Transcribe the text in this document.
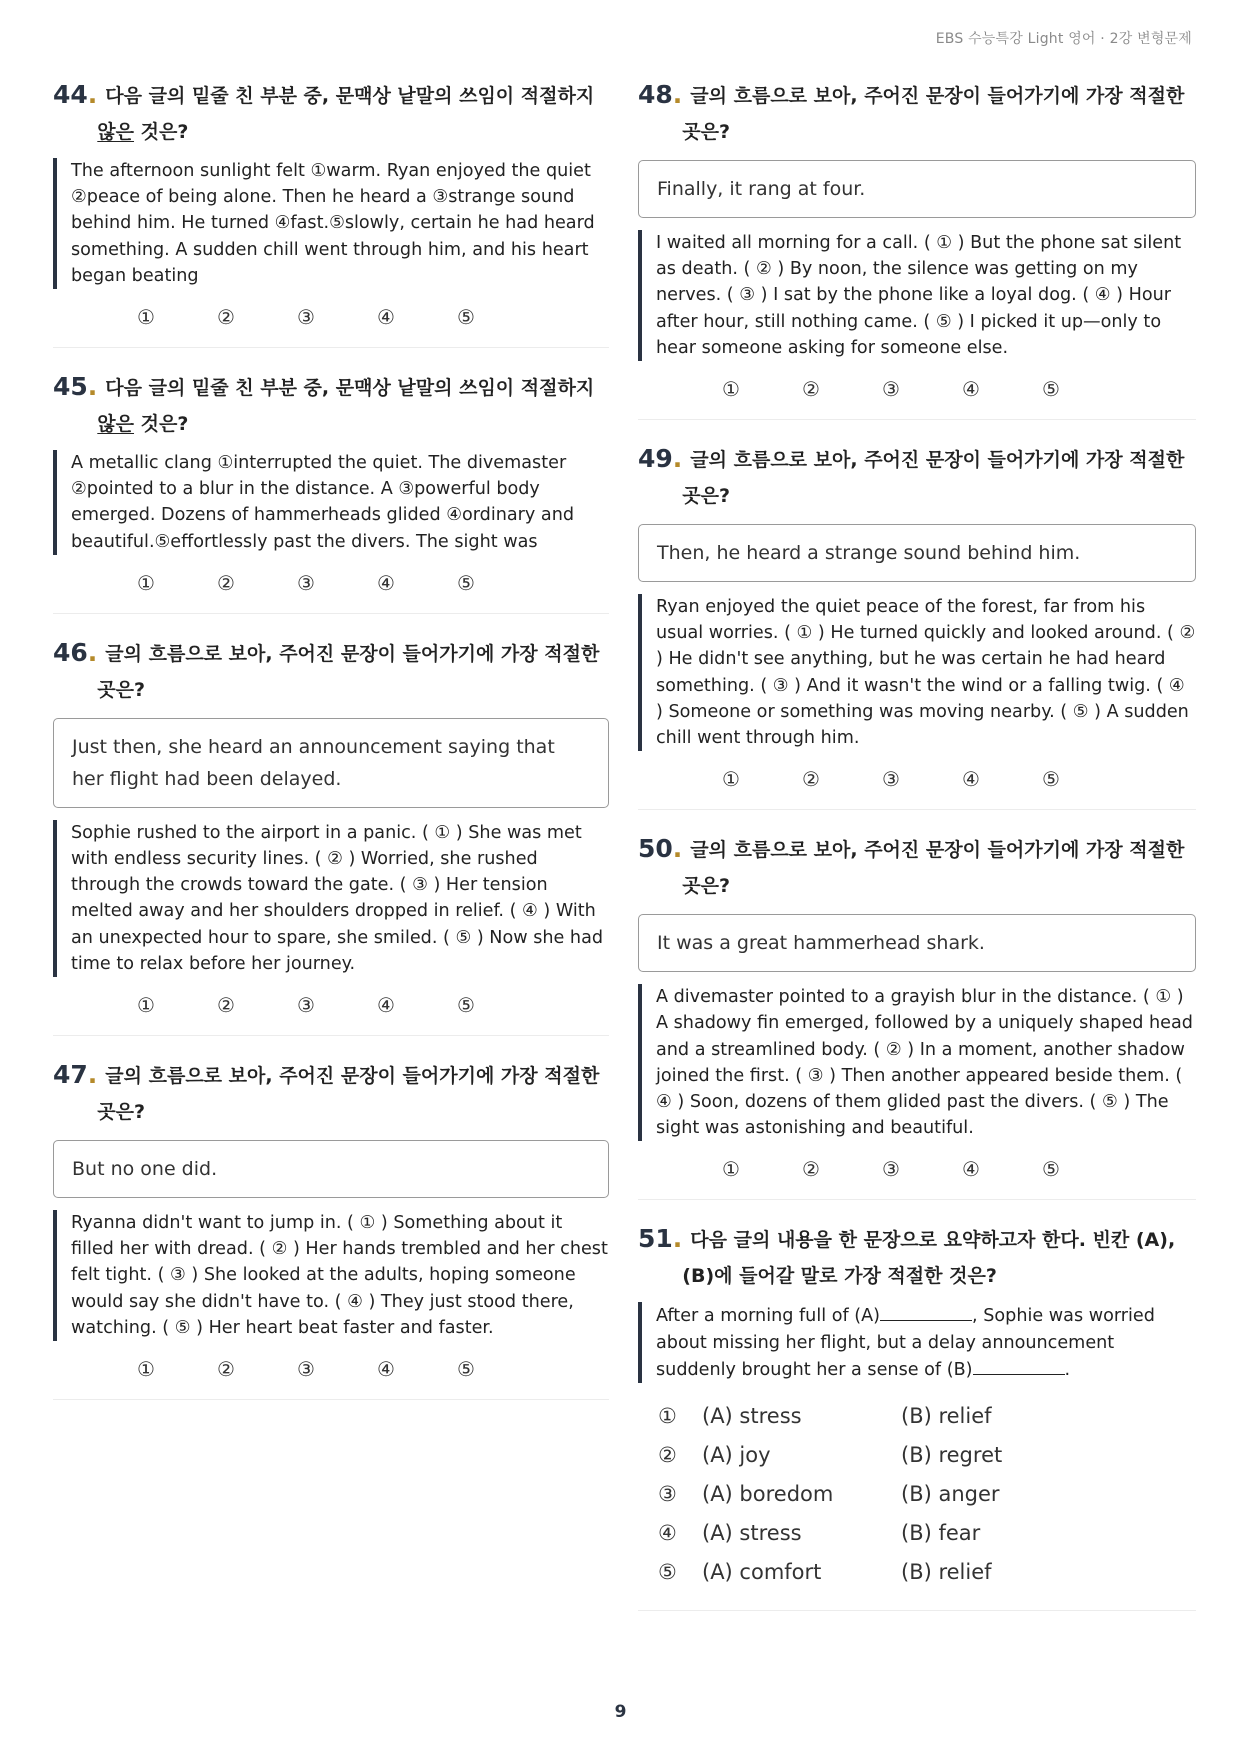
EBS 수능특강 Light 영어 · 2강 변형문제
44. 다음 글의 밑줄 친 부분 중, 문맥상 낱말의 쓰임이 적절하지
않은 것은?
The afternoon sunlight felt ①warm. Ryan enjoyed the quiet ②peace of being alone. Then he heard a ③strange sound behind him. He turned ④fast.⑤slowly, certain he had heard something. A sudden chill went through him, and his heart began beating
①	②	③	④	⑤
45. 다음 글의 밑줄 친 부분 중, 문맥상 낱말의 쓰임이 적절하지
않은 것은?
A metallic clang ①interrupted the quiet. The divemaster ②pointed to a blur in the distance. A ③powerful body emerged. Dozens of hammerheads glided ④ordinary and beautiful.⑤effortlessly past the divers. The sight was
①	②	③	④	⑤
46. 글의 흐름으로 보아, 주어진 문장이 들어가기에 가장 적절한
곳은?
Just then, she heard an announcement saying that her flight had been delayed.
Sophie rushed to the airport in a panic. ( ① ) She was met with endless security lines. ( ② ) Worried, she rushed through the crowds toward the gate. ( ③ ) Her tension melted away and her shoulders dropped in relief. ( ④ ) With an unexpected hour to spare, she smiled. ( ⑤ ) Now she had time to relax before her journey.
①	②	③	④	⑤
47. 글의 흐름으로 보아, 주어진 문장이 들어가기에 가장 적절한
곳은?
But no one did.
Ryanna didn't want to jump in. ( ① ) Something about it filled her with dread. ( ② ) Her hands trembled and her chest felt tight. ( ③ ) She looked at the adults, hoping someone would say she didn't have to. ( ④ ) They just stood there, watching. ( ⑤ ) Her heart beat faster and faster.
①	②	③	④	⑤
48. 글의 흐름으로 보아, 주어진 문장이 들어가기에 가장 적절한
곳은?
Finally, it rang at four.
I waited all morning for a call. ( ① ) But the phone sat silent as death. ( ② ) By noon, the silence was getting on my nerves. ( ③ ) I sat by the phone like a loyal dog. ( ④ ) Hour after hour, still nothing came. ( ⑤ ) I picked it up—only to hear someone asking for someone else.
①	②	③	④	⑤
49. 글의 흐름으로 보아, 주어진 문장이 들어가기에 가장 적절한
곳은?
Then, he heard a strange sound behind him.
Ryan enjoyed the quiet peace of the forest, far from his usual worries. ( ① ) He turned quickly and looked around. ( ② ) He didn't see anything, but he was certain he had heard something. ( ③ ) And it wasn't the wind or a falling twig. ( ④ ) Someone or something was moving nearby. ( ⑤ ) A sudden chill went through him.
①	②	③	④	⑤
50. 글의 흐름으로 보아, 주어진 문장이 들어가기에 가장 적절한
곳은?
It was a great hammerhead shark.
A divemaster pointed to a grayish blur in the distance. ( ① ) A shadowy fin emerged, followed by a uniquely shaped head and a streamlined body. ( ② ) In a moment, another shadow joined the first. ( ③ ) Then another appeared beside them. ( ④ ) Soon, dozens of them glided past the divers. ( ⑤ ) The sight was astonishing and beautiful.
①	②	③	④	⑤
51. 다음 글의 내용을 한 문장으로 요약하고자 한다. 빈칸 (A),
(B)에 들어갈 말로 가장 적절한 것은?
After a morning full of (A)	, Sophie was worried about missing her flight, but a delay announcement suddenly brought her a sense of (B)	.
①	(A) stress	(B) relief
②	(A) joy	(B) regret
③	(A) boredom	(B) anger
④	(A) stress	(B) fear
⑤	(A) comfort	(B) relief
9
